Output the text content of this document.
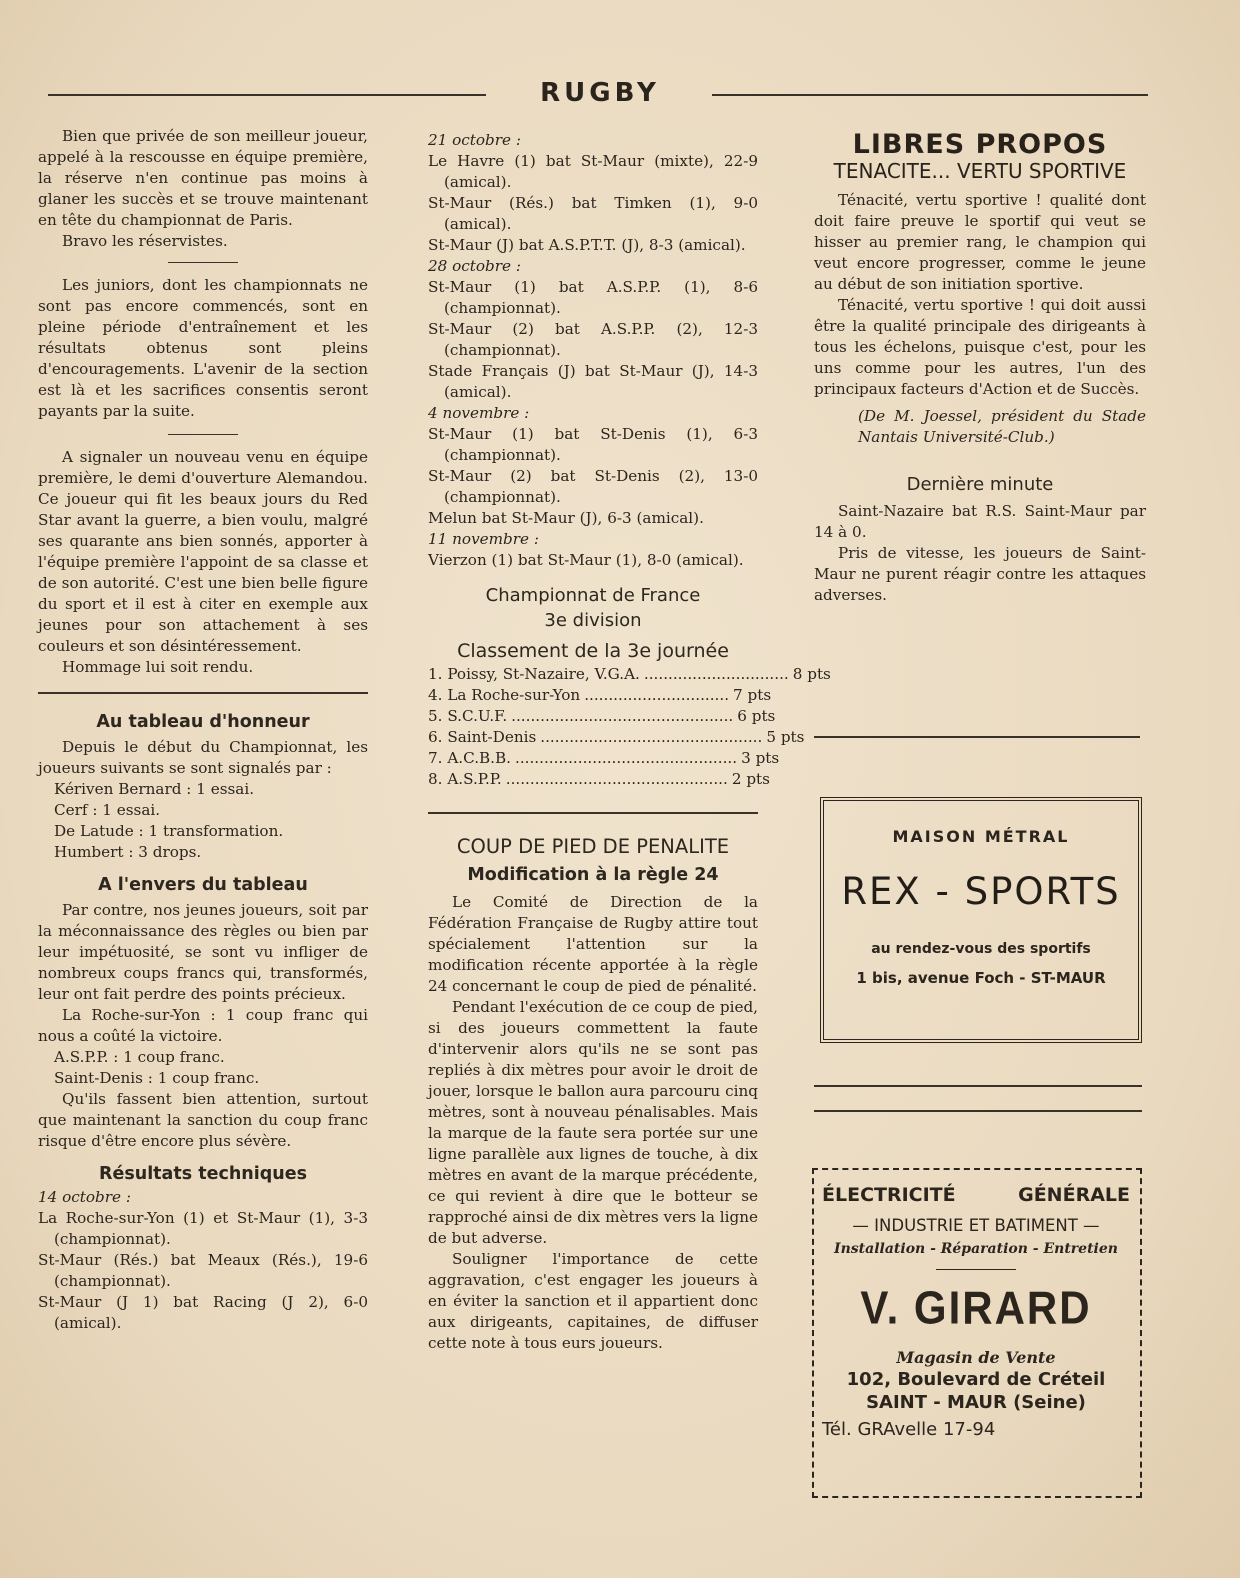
RUGBY

Bien que privée de son meilleur joueur, appelé à la rescousse en équipe première, la réserve n'en continue pas moins à glaner les succès et se trouve maintenant en tête du championnat de Paris.

Bravo les réservistes.

Les juniors, dont les championnats ne sont pas encore commencés, sont en pleine période d'entraînement et les résultats obtenus sont pleins d'encouragements. L'avenir de la section est là et les sacrifices consentis seront payants par la suite.

A signaler un nouveau venu en équipe première, le demi d'ouverture Alemandou. Ce joueur qui fit les beaux jours du Red Star avant la guerre, a bien voulu, malgré ses quarante ans bien sonnés, apporter à l'équipe première l'appoint de sa classe et de son autorité. C'est une bien belle figure du sport et il est à citer en exemple aux jeunes pour son attachement à ses couleurs et son désintéressement.

Hommage lui soit rendu.

Au tableau d'honneur

Depuis le début du Championnat, les joueurs suivants se sont signalés par :

Kériven Bernard : 1 essai.
Cerf : 1 essai.
De Latude : 1 transformation.
Humbert : 3 drops.
A l'envers du tableau

Par contre, nos jeunes joueurs, soit par la méconnaissance des règles ou bien par leur impétuosité, se sont vu infliger de nombreux coups francs qui, transformés, leur ont fait perdre des points précieux.

La Roche-sur-Yon : 1 coup franc qui nous a coûté la victoire.

A.S.P.P. : 1 coup franc.
Saint-Denis : 1 coup franc.

Qu'ils fassent bien attention, surtout que maintenant la sanction du coup franc risque d'être encore plus sévère.

Résultats techniques
14 octobre :

La Roche-sur-Yon (1) et St-Maur (1), 3-3 (championnat).

St-Maur (Rés.) bat Meaux (Rés.), 19-6 (championnat).

St-Maur (J 1) bat Racing (J 2), 6-0 (amical).

21 octobre :

Le Havre (1) bat St-Maur (mixte), 22-9 (amical).

St-Maur (Rés.) bat Timken (1), 9-0 (amical).

St-Maur (J) bat A.S.P.T.T. (J), 8-3 (amical).

28 octobre :

St-Maur (1) bat A.S.P.P. (1), 8-6 (championnat).

St-Maur (2) bat A.S.P.P. (2), 12-3 (championnat).

Stade Français (J) bat St-Maur (J), 14-3 (amical).

4 novembre :

St-Maur (1) bat St-Denis (1), 6-3 (championnat).

St-Maur (2) bat St-Denis (2), 13-0 (championnat).

Melun bat St-Maur (J), 6-3 (amical).

11 novembre :

Vierzon (1) bat St-Maur (1), 8-0 (amical).

Championnat de France
3e division
Classement de la 3e journée
1. Poissy, St-Nazaire, V.G.A. .............................. 8 pts
4. La Roche-sur-Yon .............................. 7 pts
5. S.C.U.F. .............................................. 6 pts
6. Saint-Denis .............................................. 5 pts
7. A.C.B.B. .............................................. 3 pts
8. A.S.P.P. .............................................. 2 pts
COUP DE PIED DE PENALITE
Modification à la règle 24

Le Comité de Direction de la Fédération Française de Rugby attire tout spécialement l'attention sur la modification récente apportée à la règle 24 concernant le coup de pied de pénalité.

Pendant l'exécution de ce coup de pied, si des joueurs commettent la faute d'intervenir alors qu'ils ne se sont pas repliés à dix mètres pour avoir le droit de jouer, lorsque le ballon aura parcouru cinq mètres, sont à nouveau pénalisables. Mais la marque de la faute sera portée sur une ligne parallèle aux lignes de touche, à dix mètres en avant de la marque précédente, ce qui revient à dire que le botteur se rapproché ainsi de dix mètres vers la ligne de but adverse.

Souligner l'importance de cette aggravation, c'est engager les joueurs à en éviter la sanction et il appartient donc aux dirigeants, capitaines, de diffuser cette note à tous eurs joueurs.

LIBRES PROPOS
TENACITE... VERTU SPORTIVE

Ténacité, vertu sportive ! qualité dont doit faire preuve le sportif qui veut se hisser au premier rang, le champion qui veut encore progresser, comme le jeune au début de son initiation sportive.

Ténacité, vertu sportive ! qui doit aussi être la qualité principale des dirigeants à tous les échelons, puisque c'est, pour les uns comme pour les autres, l'un des principaux facteurs d'Action et de Succès.

(De M. Joessel, président du Stade Nantais Université-Club.)

Dernière minute

Saint-Nazaire bat R.S. Saint-Maur par 14 à 0.

Pris de vitesse, les joueurs de Saint-Maur ne purent réagir contre les attaques adverses.

MAISON MÉTRAL
REX - SPORTS
au rendez-vous des sportifs
1 bis, avenue Foch - ST-MAUR
ÉLECTRICITÉ	GÉNÉRALE
— INDUSTRIE ET BATIMENT —
Installation - Réparation - Entretien
V. GIRARD
Magasin de Vente
102, Boulevard de Créteil
SAINT - MAUR (Seine)
Tél. GRAvelle 17-94
